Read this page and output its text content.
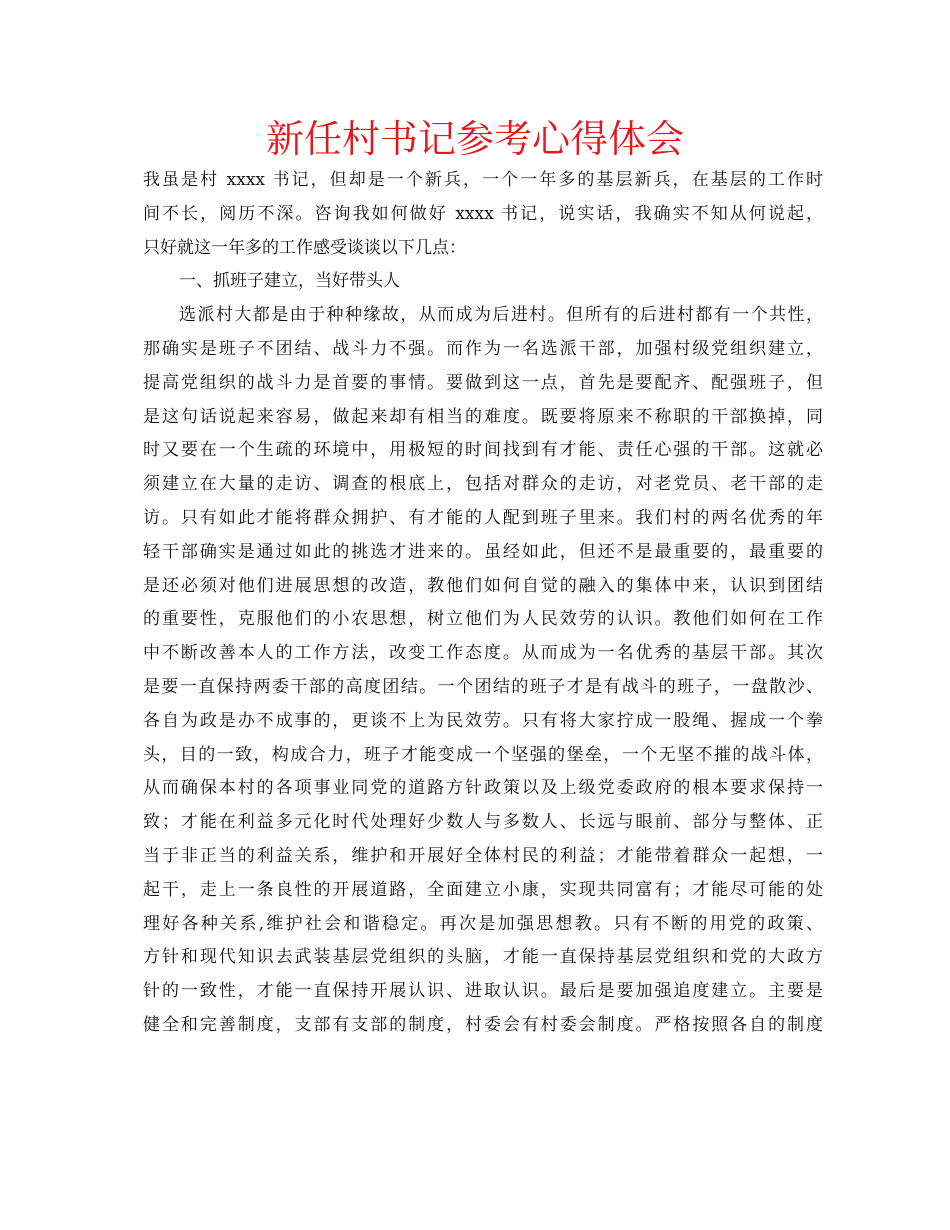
新任村书记参考心得体会
我虽是村 xxxx 书记，但却是一个新兵，一个一年多的基层新兵，在基层的工作时
间不长，阅历不深。咨询我如何做好 xxxx 书记，说实话，我确实不知从何说起，
只好就这一年多的工作感受谈谈以下几点：
一、抓班子建立，当好带头人
选派村大都是由于种种缘故，从而成为后进村。但所有的后进村都有一个共性，
那确实是班子不团结、战斗力不强。而作为一名选派干部，加强村级党组织建立，
提高党组织的战斗力是首要的事情。要做到这一点，首先是要配齐、配强班子，但
是这句话说起来容易，做起来却有相当的难度。既要将原来不称职的干部换掉，同
时又要在一个生疏的环境中，用极短的时间找到有才能、责任心强的干部。这就必
须建立在大量的走访、调查的根底上，包括对群众的走访，对老党员、老干部的走
访。只有如此才能将群众拥护、有才能的人配到班子里来。我们村的两名优秀的年
轻干部确实是通过如此的挑选才进来的。虽经如此，但还不是最重要的，最重要的
是还必须对他们进展思想的改造，教他们如何自觉的融入的集体中来，认识到团结
的重要性，克服他们的小农思想，树立他们为人民效劳的认识。教他们如何在工作
中不断改善本人的工作方法，改变工作态度。从而成为一名优秀的基层干部。其次
是要一直保持两委干部的高度团结。一个团结的班子才是有战斗的班子，一盘散沙、
各自为政是办不成事的，更谈不上为民效劳。只有将大家拧成一股绳、握成一个拳
头，目的一致，构成合力，班子才能变成一个坚强的堡垒，一个无坚不摧的战斗体，
从而确保本村的各项事业同党的道路方针政策以及上级党委政府的根本要求保持一
致；才能在利益多元化时代处理好少数人与多数人、长远与眼前、部分与整体、正
当于非正当的利益关系，维护和开展好全体村民的利益；才能带着群众一起想，一
起干，走上一条良性的开展道路，全面建立小康，实现共同富有；才能尽可能的处
理好各种关系,维护社会和谐稳定。再次是加强思想教。只有不断的用党的政策、
方针和现代知识去武装基层党组织的头脑，才能一直保持基层党组织和党的大政方
针的一致性，才能一直保持开展认识、进取认识。最后是要加强追度建立。主要是
健全和完善制度，支部有支部的制度，村委会有村委会制度。严格按照各自的制度
